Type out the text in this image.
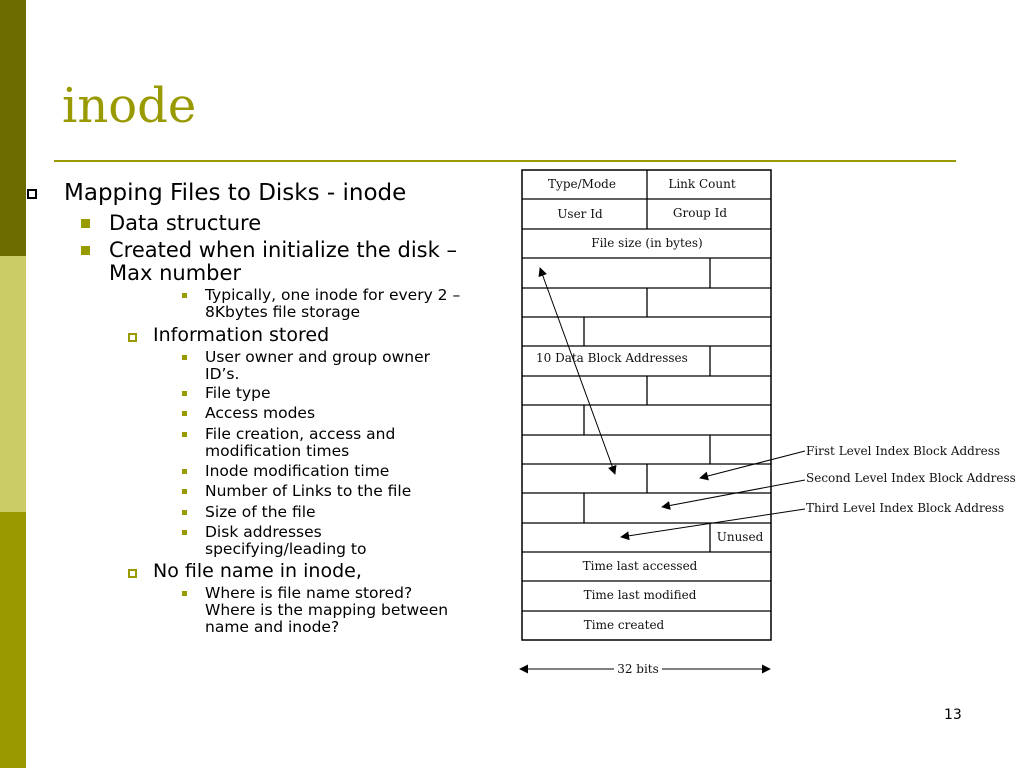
inode
Mapping Files to Disks - inode
Data structure
Created when initialize the disk –
Max number
Typically, one inode for every 2 –
8Kbytes file storage
Information stored
User owner and group owner
ID’s.
File type
Access modes
File creation, access and
modification times
Inode modification time
Number of Links to the file
Size of the file
Disk addresses
specifying/leading to
No file name in inode,
Where is file name stored?
Where is the mapping between
name and inode?
Type/Mode	Link Count
User Id	Group Id
File size (in bytes)
10 Data Block Addresses
Unused
Time last accessed
Time last modified
Time created
First Level Index Block Address
Second Level Index Block Address
Third Level Index Block Address
32 bits
13
